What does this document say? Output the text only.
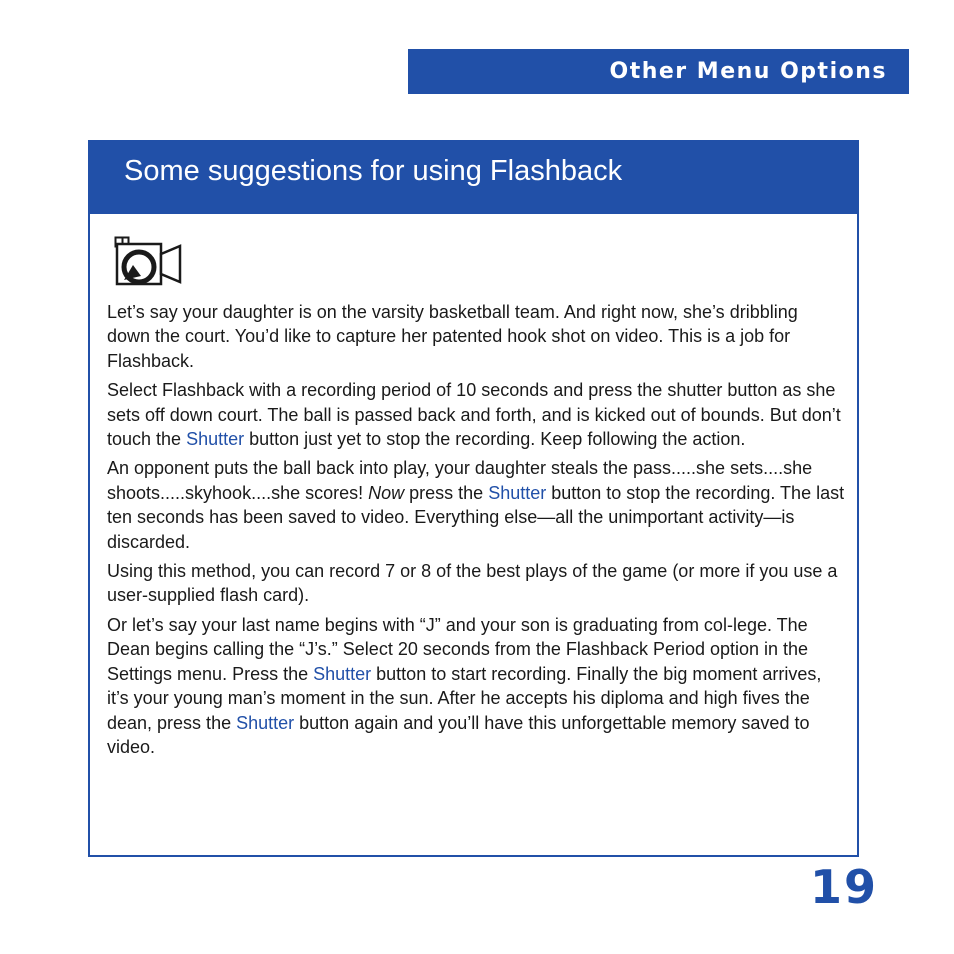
Other Menu Options
Some suggestions for using Flashback

Let’s say your daughter is on the varsity basketball team. And right now, she’s dribbling down the court. You’d like to capture her patented hook shot on video. This is a job for Flashback.

Select Flashback with a recording period of 10 seconds and press the shutter button as she sets off down court. The ball is passed back and forth, and is kicked out of bounds. But don’t touch the Shutter button just yet to stop the recording. Keep following the action.

An opponent puts the ball back into play, your daughter steals the pass.....she sets....she shoots.....skyhook....she scores! Now press the Shutter button to stop the recording. The last ten seconds has been saved to video. Everything else—all the unimportant activity—is discarded.

Using this method, you can record 7 or 8 of the best plays of the game (or more if you use a user-supplied flash card).

Or let’s say your last name begins with “J” and your son is graduating from col-lege. The Dean begins calling the “J’s.” Select 20 seconds from the Flashback Period option in the Settings menu. Press the Shutter button to start recording. Finally the big moment arrives, it’s your young man’s moment in the sun. After he accepts his diploma and high fives the dean, press the Shutter button again and you’ll have this unforgettable memory saved to video.

19
